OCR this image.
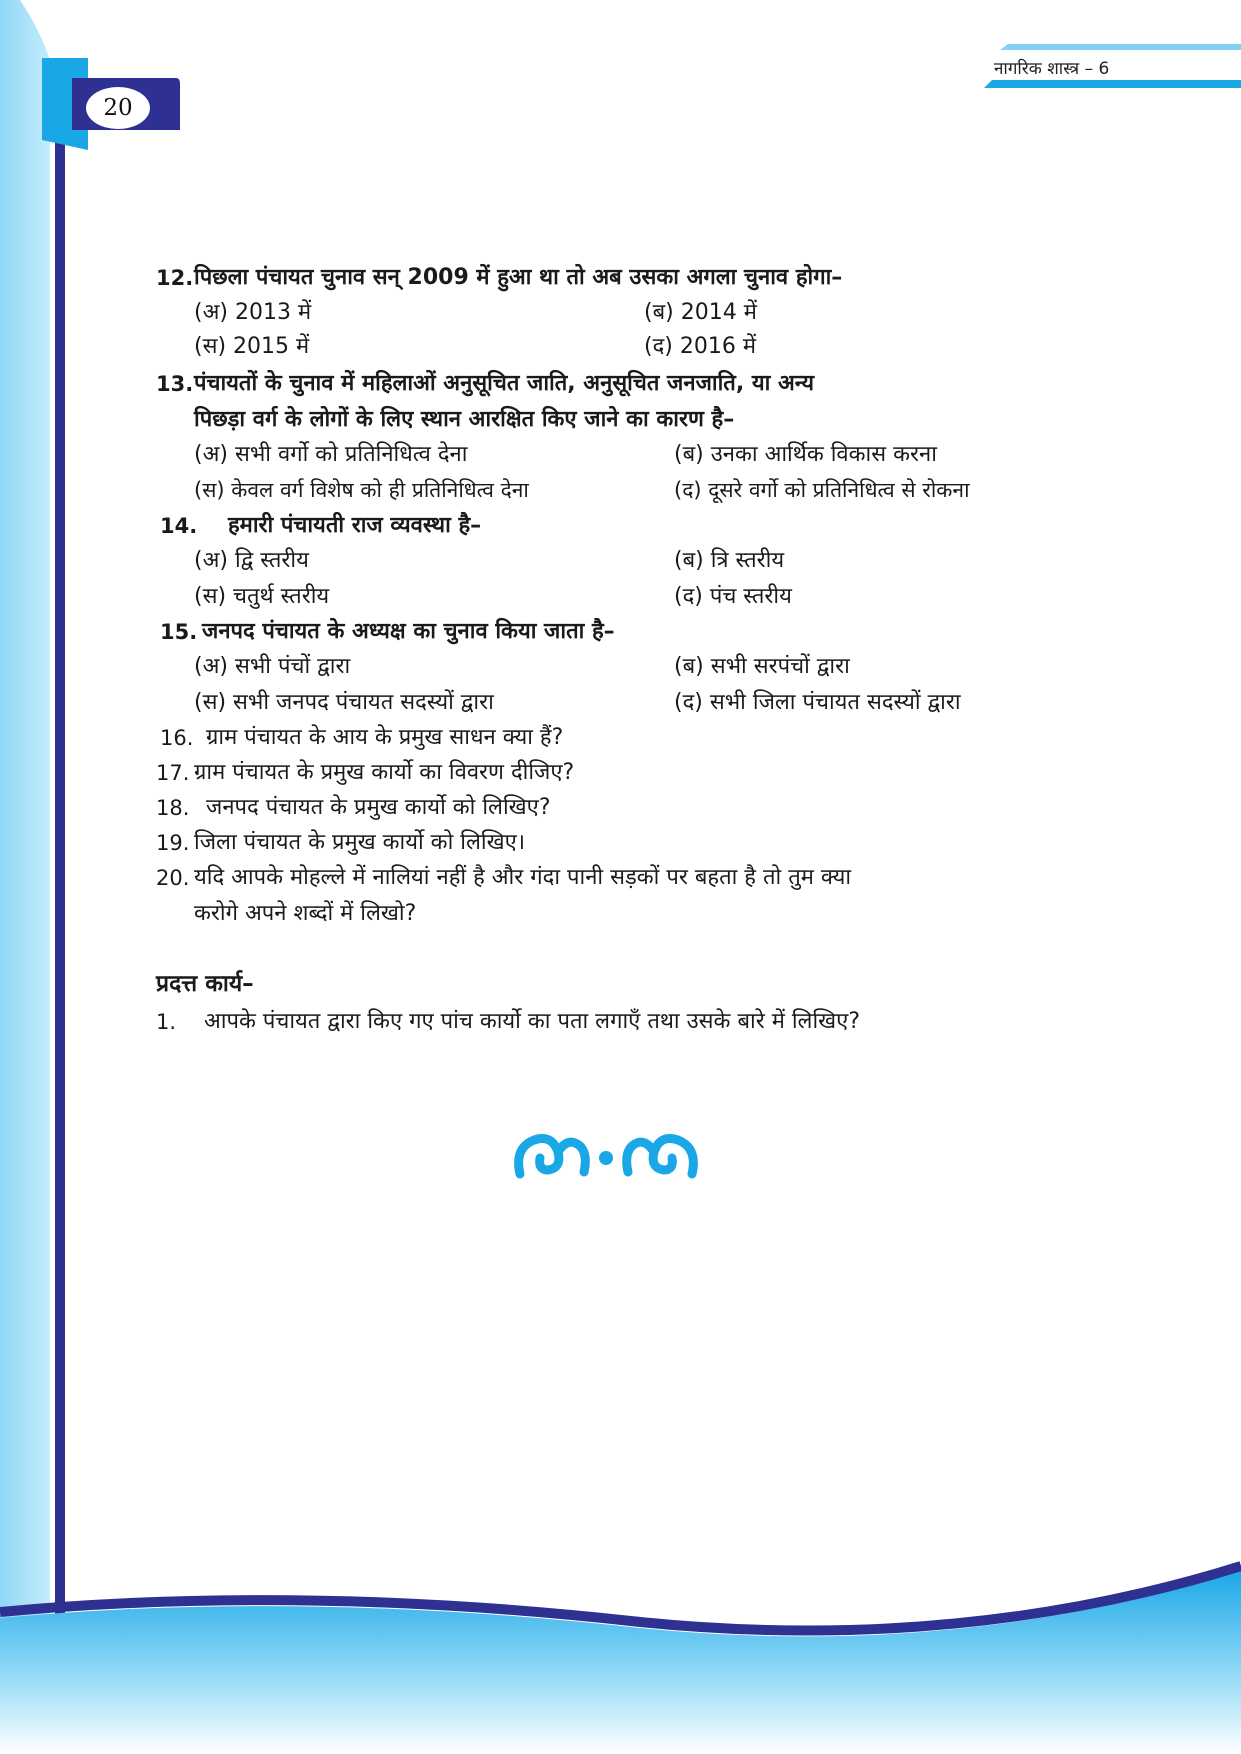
नागरिक शास्त्र – 6
20
12. पिछला पंचायत चुनाव सन् 2009 में हुआ था तो अब उसका अगला चुनाव होगा–
(अ) 2013 में	(ब) 2014 में
(स) 2015 में	(द) 2016 में
13. पंचायतों के चुनाव में महिलाओं अनुसूचित जाति, अनुसूचित जनजाति, या अन्य
पिछड़ा वर्ग के लोगों के लिए स्थान आरक्षित किए जाने का कारण है–
(अ) सभी वर्गो को प्रतिनिधित्व देना	(ब) उनका आर्थिक विकास करना
(स) केवल वर्ग विशेष को ही प्रतिनिधित्व देना	(द) दूसरे वर्गो को प्रतिनिधित्व से रोकना
14. हमारी पंचायती राज व्यवस्था है–
(अ) द्वि स्तरीय	(ब) त्रि स्तरीय
(स) चतुर्थ स्तरीय	(द) पंच स्तरीय
15. जनपद पंचायत के अध्यक्ष का चुनाव किया जाता है–
(अ) सभी पंचों द्वारा	(ब) सभी सरपंचों द्वारा
(स) सभी जनपद पंचायत सदस्यों द्वारा	(द) सभी जिला पंचायत सदस्यों द्वारा
16. ग्राम पंचायत के आय के प्रमुख साधन क्या हैं?
17. ग्राम पंचायत के प्रमुख कार्यो का विवरण दीजिए?
18. जनपद पंचायत के प्रमुख कार्यो को लिखिए?
19. जिला पंचायत के प्रमुख कार्यो को लिखिए।
20. यदि आपके मोहल्ले में नालियां नहीं है और गंदा पानी सड़कों पर बहता है तो तुम क्या
करोगे अपने शब्दों में लिखो?
प्रदत्त कार्य–
1. आपके पंचायत द्वारा किए गए पांच कार्यो का पता लगाएँ तथा उसके बारे में लिखिए?
